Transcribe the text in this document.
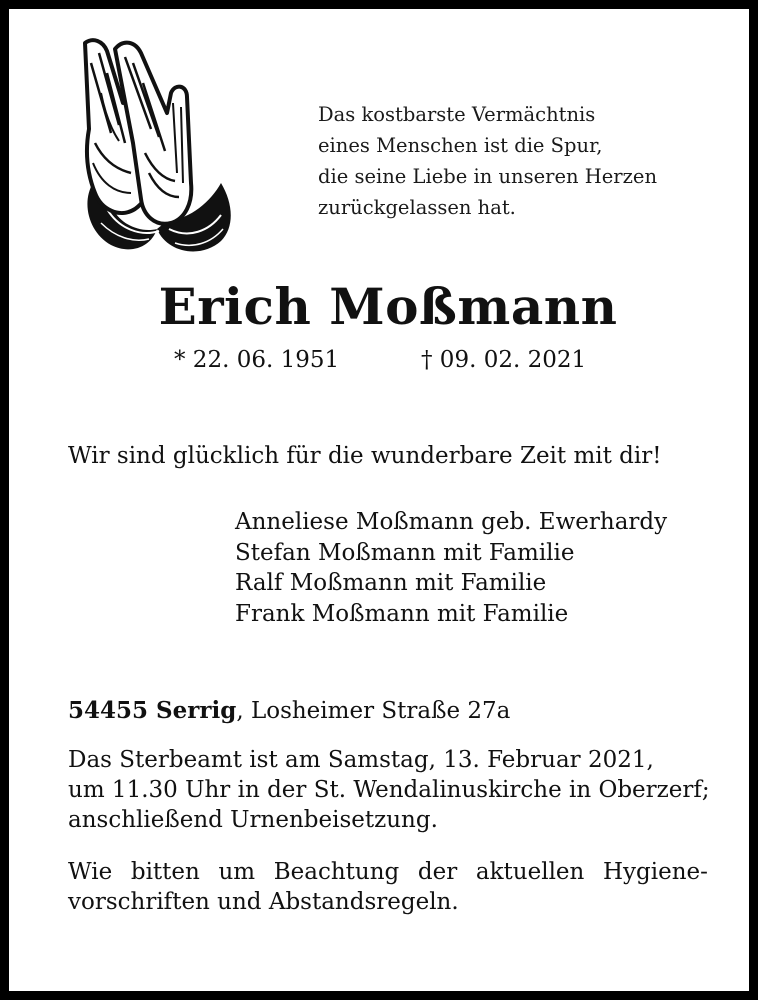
Das kostbarste Vermächtnis
eines Menschen ist die Spur,
die seine Liebe in unseren Herzen
zurückgelassen hat.
Erich Moßmann
* 22. 06. 1951	† 09. 02. 2021
Wir sind glücklich für die wunderbare Zeit mit dir!
Anneliese Moßmann geb. Ewerhardy
Stefan Moßmann mit Familie
Ralf Moßmann mit Familie
Frank Moßmann mit Familie
54455 Serrig, Losheimer Straße 27a
Das Sterbeamt ist am Samstag, 13. Februar 2021,
um 11.30 Uhr in der St. Wendalinuskirche in Oberzerf;
anschließend Urnenbeisetzung.
Wie bitten um Beachtung der aktuellen Hygiene-
vorschriften und Abstandsregeln.
